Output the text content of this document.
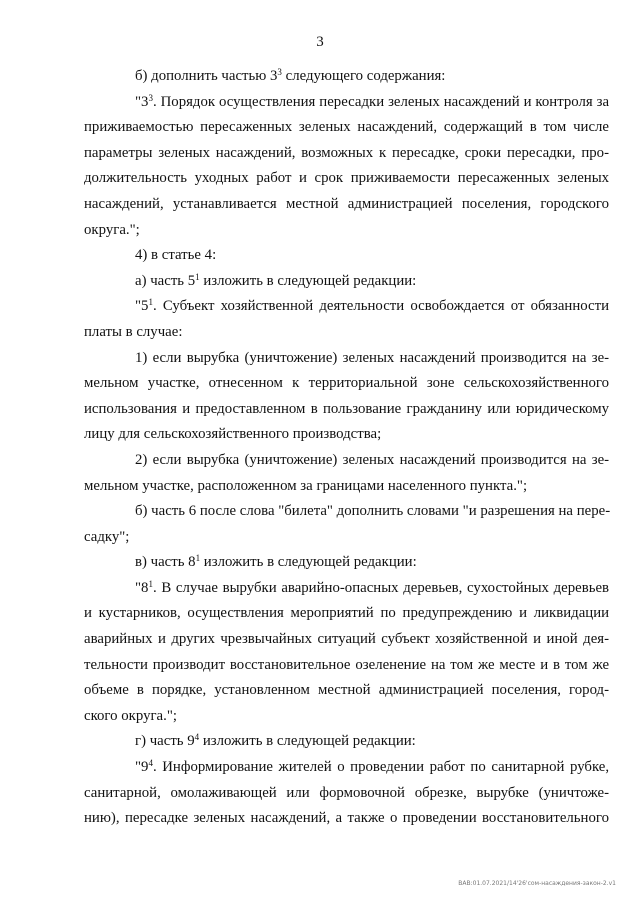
3
б) дополнить частью $3^3$ следующего содержания:
"$3^3$. Порядок осуществления пересадки зеленых насаждений и контроля за
приживаемостью пересаженных зеленых насаждений, содержащий в том числе
параметры зеленых насаждений, возможных к пересадке, сроки пересадки, про-
должительность уходных работ и срок приживаемости пересаженных зеленых
насаждений, устанавливается местной администрацией поселения, городского
округа.";
4) в статье 4:
а) часть $5^1$ изложить в следующей редакции:
"$5^1$. Субъект хозяйственной деятельности освобождается от обязанности
платы в случае:
1) если вырубка (уничтожение) зеленых насаждений производится на зе-
мельном участке, отнесенном к территориальной зоне сельскохозяйственного
использования и предоставленном в пользование гражданину или юридическому
лицу для сельскохозяйственного производства;
2) если вырубка (уничтожение) зеленых насаждений производится на зе-
мельном участке, расположенном за границами населенного пункта.";
б) часть 6 после слова "билета" дополнить словами "и разрешения на пере-
садку";
в) часть $8^1$ изложить в следующей редакции:
"$8^1$. В случае вырубки аварийно-опасных деревьев, сухостойных деревьев
и кустарников, осуществления мероприятий по предупреждению и ликвидации
аварийных и других чрезвычайных ситуаций субъект хозяйственной и иной дея-
тельности производит восстановительное озеленение на том же месте и в том же
объеме в порядке, установленном местной администрацией поселения, город-
ского округа.";
г) часть $9^4$ изложить в следующей редакции:
"$9^4$. Информирование жителей о проведении работ по санитарной рубке,
санитарной, омолаживающей или формовочной обрезке, вырубке (уничтоже-
нию), пересадке зеленых насаждений, а также о проведении восстановительного
ВАВ:01.07.2021/14'26'сом-насаждения-закон-2.v1
